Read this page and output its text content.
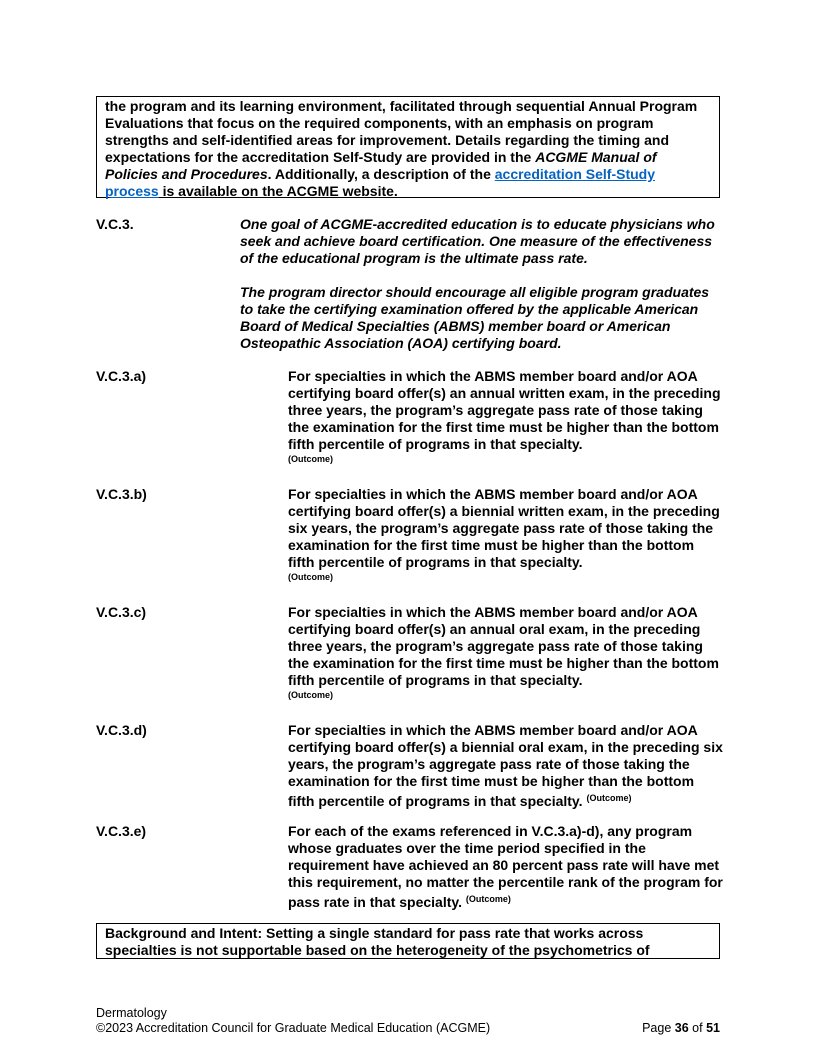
the program and its learning environment, facilitated through sequential Annual Program Evaluations that focus on the required components, with an emphasis on program strengths and self-identified areas for improvement. Details regarding the timing and expectations for the accreditation Self-Study are provided in the ACGME Manual of Policies and Procedures. Additionally, a description of the accreditation Self-Study process is available on the ACGME website.
V.C.3.	One goal of ACGME-accredited education is to educate physicians who seek and achieve board certification. One measure of the effectiveness of the educational program is the ultimate pass rate.

The program director should encourage all eligible program graduates to take the certifying examination offered by the applicable American Board of Medical Specialties (ABMS) member board or American Osteopathic Association (AOA) certifying board.

V.C.3.a)	For specialties in which the ABMS member board and/or AOA certifying board offer(s) an annual written exam, in the preceding three years, the program’s aggregate pass rate of those taking the examination for the first time must be higher than the bottom fifth percentile of programs in that specialty.
(Outcome)
V.C.3.b)	For specialties in which the ABMS member board and/or AOA certifying board offer(s) a biennial written exam, in the preceding six years, the program’s aggregate pass rate of those taking the examination for the first time must be higher than the bottom fifth percentile of programs in that specialty.
(Outcome)
V.C.3.c)	For specialties in which the ABMS member board and/or AOA certifying board offer(s) an annual oral exam, in the preceding three years, the program’s aggregate pass rate of those taking the examination for the first time must be higher than the bottom fifth percentile of programs in that specialty.
(Outcome)
V.C.3.d)	For specialties in which the ABMS member board and/or AOA certifying board offer(s) a biennial oral exam, in the preceding six years, the program’s aggregate pass rate of those taking the examination for the first time must be higher than the bottom fifth percentile of programs in that specialty. $^{(Outcome)}$
V.C.3.e)	For each of the exams referenced in V.C.3.a)-d), any program whose graduates over the time period specified in the requirement have achieved an 80 percent pass rate will have met this requirement, no matter the percentile rank of the program for pass rate in that specialty. $^{(Outcome)}$
Background and Intent: Setting a single standard for pass rate that works across specialties is not supportable based on the heterogeneity of the psychometrics of
Dermatology
©2023 Accreditation Council for Graduate Medical Education (ACGME)	Page 36 of 51
